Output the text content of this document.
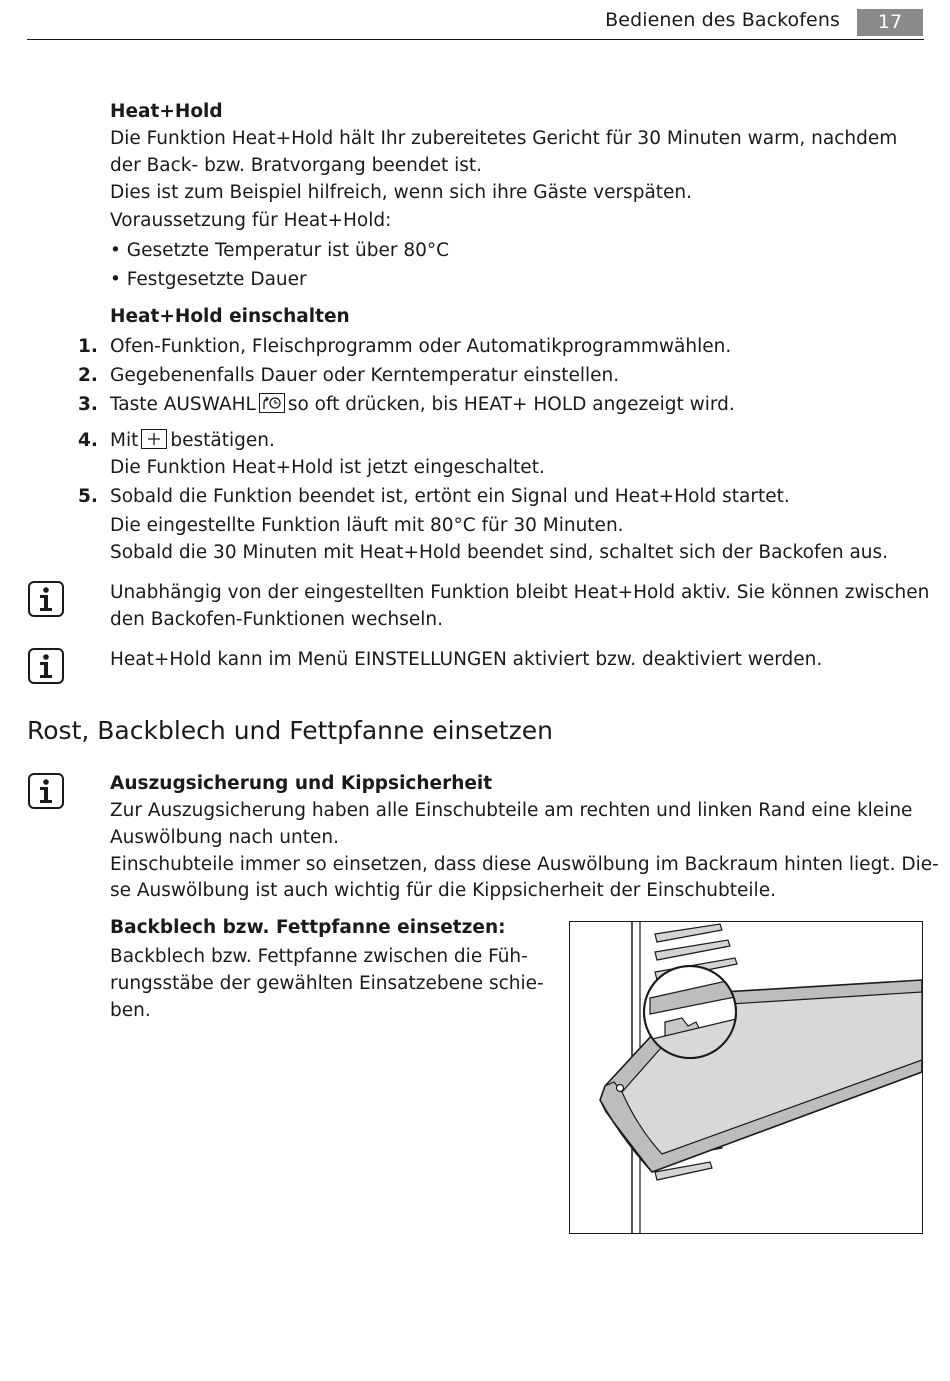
Bedienen des Backofens	17
Heat+Hold
Die Funktion Heat+Hold hält Ihr zubereitetes Gericht für 30 Minuten warm, nachdem
der Back- bzw. Bratvorgang beendet ist.
Dies ist zum Beispiel hilfreich, wenn sich ihre Gäste verspäten.
Voraussetzung für Heat+Hold:
• Gesetzte Temperatur ist über 80°C
• Festgesetzte Dauer
Heat+Hold einschalten
1. Ofen-Funktion, Fleischprogramm oder Automatikprogrammwählen.
2. Gegebenenfalls Dauer oder Kerntemperatur einstellen.
3. Taste AUSWAHL so oft drücken, bis HEAT+ HOLD angezeigt wird.
4. Mit bestätigen.
Die Funktion Heat+Hold ist jetzt eingeschaltet.
5. Sobald die Funktion beendet ist, ertönt ein Signal und Heat+Hold startet.
Die eingestellte Funktion läuft mit 80°C für 30 Minuten.
Sobald die 30 Minuten mit Heat+Hold beendet sind, schaltet sich der Backofen aus.
Unabhängig von der eingestellten Funktion bleibt Heat+Hold aktiv. Sie können zwischen
den Backofen-Funktionen wechseln.
Heat+Hold kann im Menü EINSTELLUNGEN aktiviert bzw. deaktiviert werden.
Rost, Backblech und Fettpfanne einsetzen
Auszugsicherung und Kippsicherheit
Zur Auszugsicherung haben alle Einschubteile am rechten und linken Rand eine kleine
Auswölbung nach unten.
Einschubteile immer so einsetzen, dass diese Auswölbung im Backraum hinten liegt. Die-
se Auswölbung ist auch wichtig für die Kippsicherheit der Einschubteile.
Backblech bzw. Fettpfanne einsetzen:
Backblech bzw. Fettpfanne zwischen die Füh-
rungsstäbe der gewählten Einsatzebene schie-
ben.
